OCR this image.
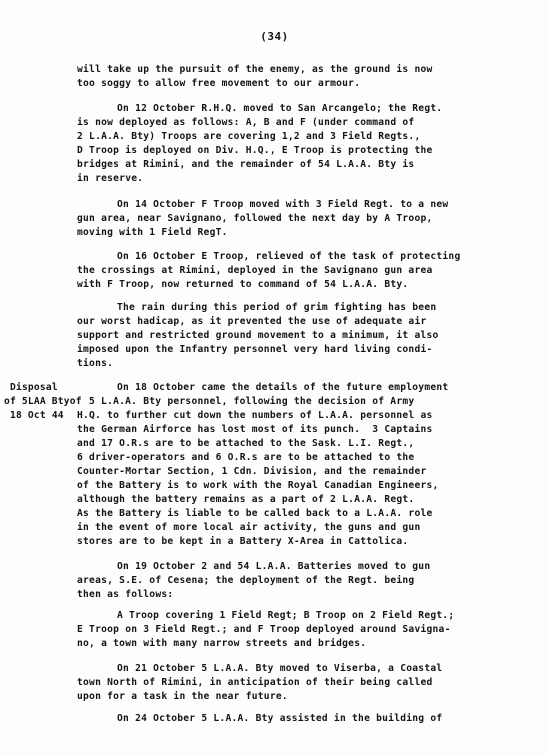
(34)
Disposal
of 5LAA Btyof
18 Oct 44
will take up the pursuit of the enemy, as the ground is now
too soggy to allow free movement to our armour.
On 12 October R.H.Q. moved to San Arcangelo; the Regt.
is now deployed as follows: A, B and F (under command of
2 L.A.A. Bty) Troops are covering 1,2 and 3 Field Regts.,
D Troop is deployed on Div. H.Q., E Troop is protecting the
bridges at Rimini, and the remainder of 54 L.A.A. Bty is
in reserve.
On 14 October F Troop moved with 3 Field Regt. to a new
gun area, near Savignano, followed the next day by A Troop,
moving with 1 Field RegT.
On 16 October E Troop, relieved of the task of protecting
the crossings at Rimini, deployed in the Savignano gun area
with F Troop, now returned to command of 54 L.A.A. Bty.
The rain during this period of grim fighting has been
our worst hadicap, as it prevented the use of adequate air
support and restricted ground movement to a minimum, it also
imposed upon the Infantry personnel very hard living condi-
tions.
On 18 October came the details of the future employment
5 L.A.A. Bty personnel, following the decision of Army
H.Q. to further cut down the numbers of L.A.A. personnel as
the German Airforce has lost most of its punch.  3 Captains
and 17 O.R.s are to be attached to the Sask. L.I. Regt.,
6 driver-operators and 6 O.R.s are to be attached to the
Counter-Mortar Section, 1 Cdn. Division, and the remainder
of the Battery is to work with the Royal Canadian Engineers,
although the battery remains as a part of 2 L.A.A. Regt.
As the Battery is liable to be called back to a L.A.A. role
in the event of more local air activity, the guns and gun
stores are to be kept in a Battery X-Area in Cattolica.
On 19 October 2 and 54 L.A.A. Batteries moved to gun
areas, S.E. of Cesena; the deployment of the Regt. being
then as follows:
A Troop covering 1 Field Regt; B Troop on 2 Field Regt.;
E Troop on 3 Field Regt.; and F Troop deployed around Savigna-
no, a town with many narrow streets and bridges.
On 21 October 5 L.A.A. Bty moved to Viserba, a Coastal
town North of Rimini, in anticipation of their being called
upon for a task in the near future.
On 24 October 5 L.A.A. Bty assisted in the building of
